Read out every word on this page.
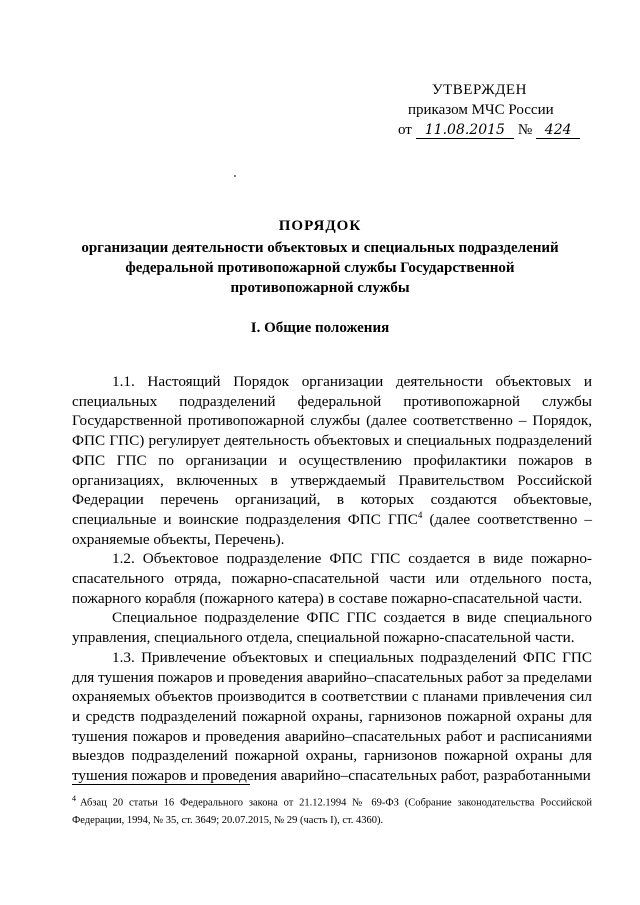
УТВЕРЖДЕН
приказом МЧС России
от 11.08.2015 № 424
ПОРЯДОК
организации деятельности объектовых и специальных подразделений федеральной противопожарной службы Государственной противопожарной службы
I. Общие положения

1.1. Настоящий Порядок организации деятельности объектовых и специальных подразделений федеральной противопожарной службы Государственной противопожарной службы (далее соответственно – Порядок, ФПС ГПС) регулирует деятельность объектовых и специальных подразделений ФПС ГПС по организации и осуществлению профилактики пожаров в организациях, включенных в утверждаемый Правительством Российской Федерации перечень организаций, в которых создаются объектовые, специальные и воинские подразделения ФПС ГПС$^4$ (далее соответственно – охраняемые объекты, Перечень).

1.2. Объектовое подразделение ФПС ГПС создается в виде пожарно-спасательного отряда, пожарно-спасательной части или отдельного поста, пожарного корабля (пожарного катера) в составе пожарно-спасательной части.

Специальное подразделение ФПС ГПС создается в виде специального управления, специального отдела, специальной пожарно-спасательной части.

1.3. Привлечение объектовых и специальных подразделений ФПС ГПС для тушения пожаров и проведения аварийно–спасательных работ за пределами охраняемых объектов производится в соответствии с планами привлечения сил и средств подразделений пожарной охраны, гарнизонов пожарной охраны для тушения пожаров и проведения аварийно–спасательных работ и расписаниями выездов подразделений пожарной охраны, гарнизонов пожарной охраны для тушения пожаров и проведения аварийно–спасательных работ, разработанными

$^4$ Абзац 20 статьи 16 Федерального закона от 21.12.1994 № 69-ФЗ (Собрание законодательства Российской Федерации, 1994, № 35, ст. 3649; 20.07.2015, № 29 (часть I), ст. 4360).
